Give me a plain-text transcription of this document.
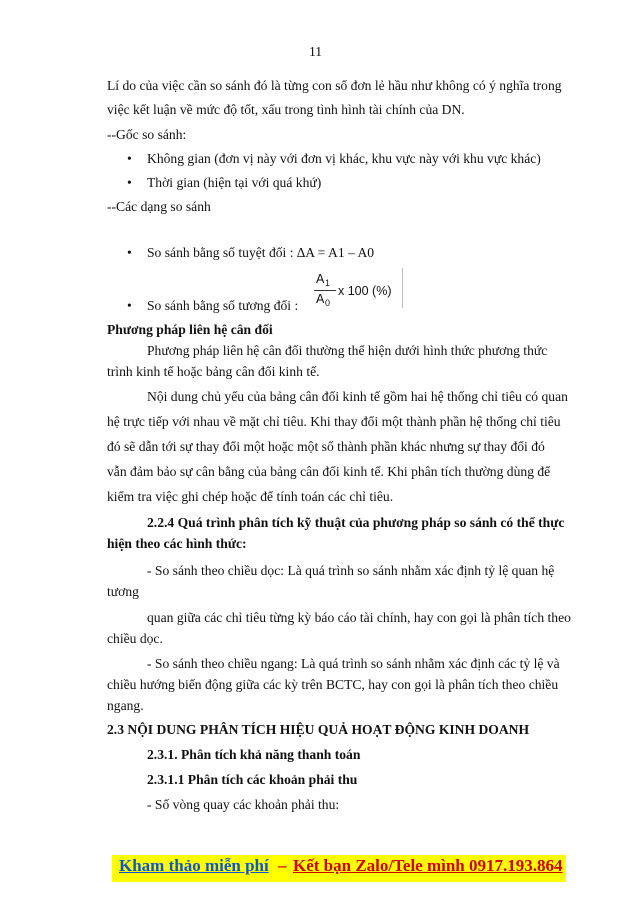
11
Lí do của việc cần so sánh đó là từng con số đơn lẻ hầu như không có ý nghĩa trong
việc kết luận về mức độ tốt, xấu trong tình hình tài chính của DN.
--Gốc so sánh:
• Không gian (đơn vị này với đơn vị khác, khu vực này với khu vực khác)
• Thời gian (hiện tại với quá khứ)
--Các dạng so sánh
• So sánh bằng số tuyệt đối : ∆A = A1 – A0
A 1
A 0
x 100 (%)
• So sánh bằng số tương đối :
Phương pháp liên hệ cân đối
Phương pháp liên hệ cân đối thường thể hiện dưới hình thức phương thức
trình kinh tế hoặc bảng cân đối kinh tế.
Nội dung chủ yếu của bảng cân đối kinh tế gồm hai hệ thống chỉ tiêu có quan
hệ trực tiếp với nhau về mặt chỉ tiêu. Khi thay đổi một thành phần hệ thống chỉ tiêu
đó sẽ dẫn tới sự thay đổi một hoặc một số thành phần khác nhưng sự thay đổi đó
vẫn đảm bảo sự cân bằng của bảng cân đối kinh tế. Khi phân tích thường dùng để
kiểm tra việc ghi chép hoặc để tính toán các chỉ tiêu.
2.2.4 Quá trình phân tích kỹ thuật của phương pháp so sánh có thể thực
hiện theo các hình thức:
- So sánh theo chiều dọc: Là quá trình so sánh nhằm xác định tỷ lệ quan hệ
tương
quan giữa các chỉ tiêu từng kỳ báo cáo tài chính, hay con gọi là phân tích theo
chiều dọc.
- So sánh theo chiều ngang: Là quá trình so sánh nhằm xác định các tỷ lệ và
chiều hướng biến động giữa các kỳ trên BCTC, hay con gọi là phân tích theo chiều
ngang.
2.3 NỘI DUNG PHÂN TÍCH HIỆU QUẢ HOẠT ĐỘNG KINH DOANH
2.3.1. Phân tích khả năng thanh toán
2.3.1.1 Phân tích các khoản phải thu
- Số vòng quay các khoản phải thu:
Kham thảo miễn phí – Kết bạn Zalo/Tele mình 0917.193.864
